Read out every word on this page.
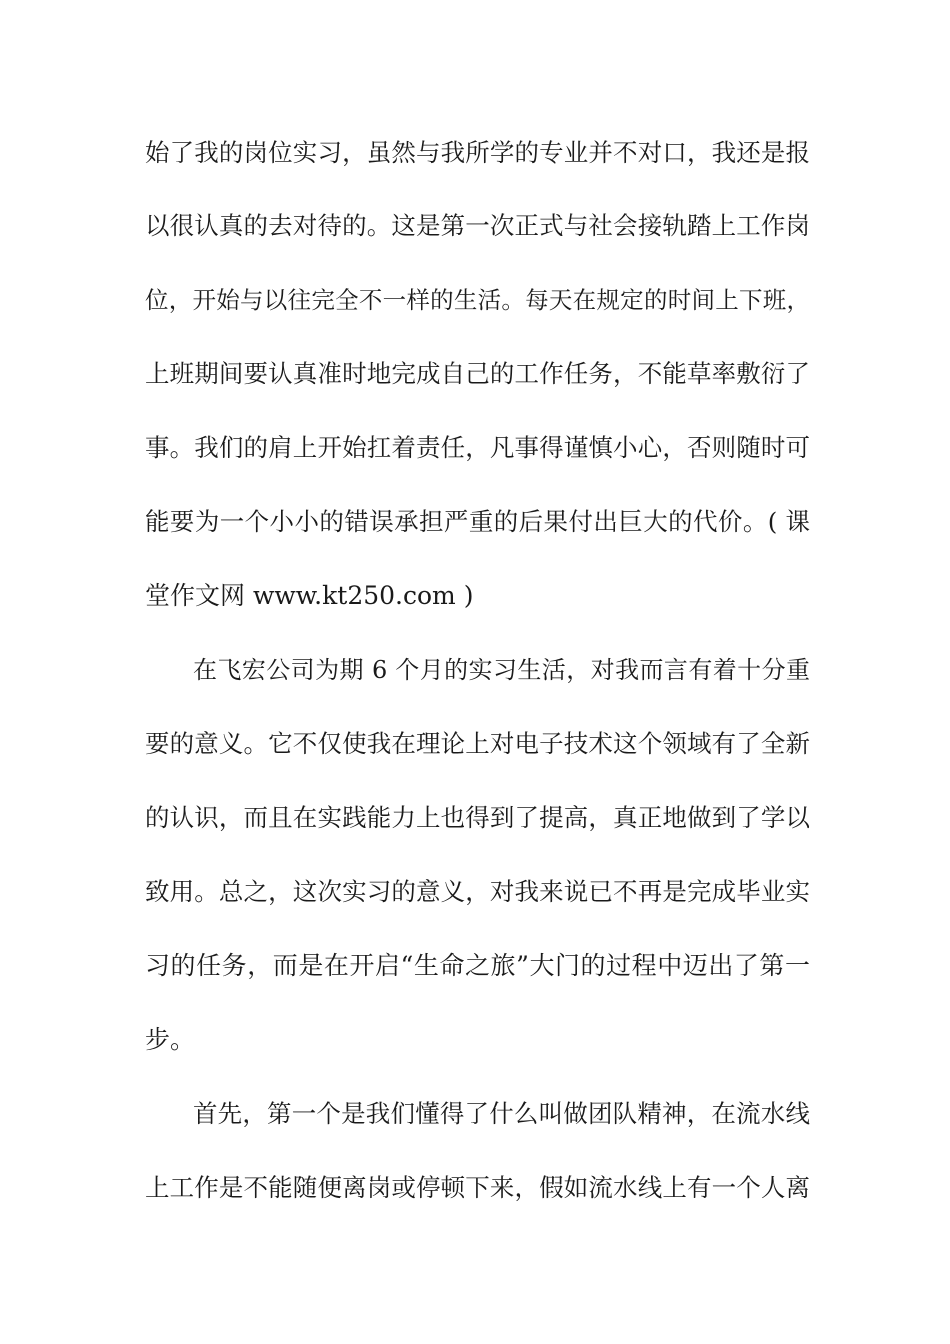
始了我的岗位实习，虽然与我所学的专业并不对口，我还是报
以很认真的去对待的。这是第一次正式与社会接轨踏上工作岗
位，开始与以往完全不一样的生活。每天在规定的时间上下班，
上班期间要认真准时地完成自己的工作任务，不能草率敷衍了
事。我们的肩上开始扛着责任，凡事得谨慎小心，否则随时可
能要为一个小小的错误承担严重的后果付出巨大的代价。( 课
堂作文网 www.kt250.com )
在飞宏公司为期 6 个月的实习生活，对我而言有着十分重
要的意义。它不仅使我在理论上对电子技术这个领域有了全新
的认识，而且在实践能力上也得到了提高，真正地做到了学以
致用。总之，这次实习的意义，对我来说已不再是完成毕业实
习的任务，而是在开启“生命之旅”大门的过程中迈出了第一
步。
首先，第一个是我们懂得了什么叫做团队精神，在流水线
上工作是不能随便离岗或停顿下来，假如流水线上有一个人离
